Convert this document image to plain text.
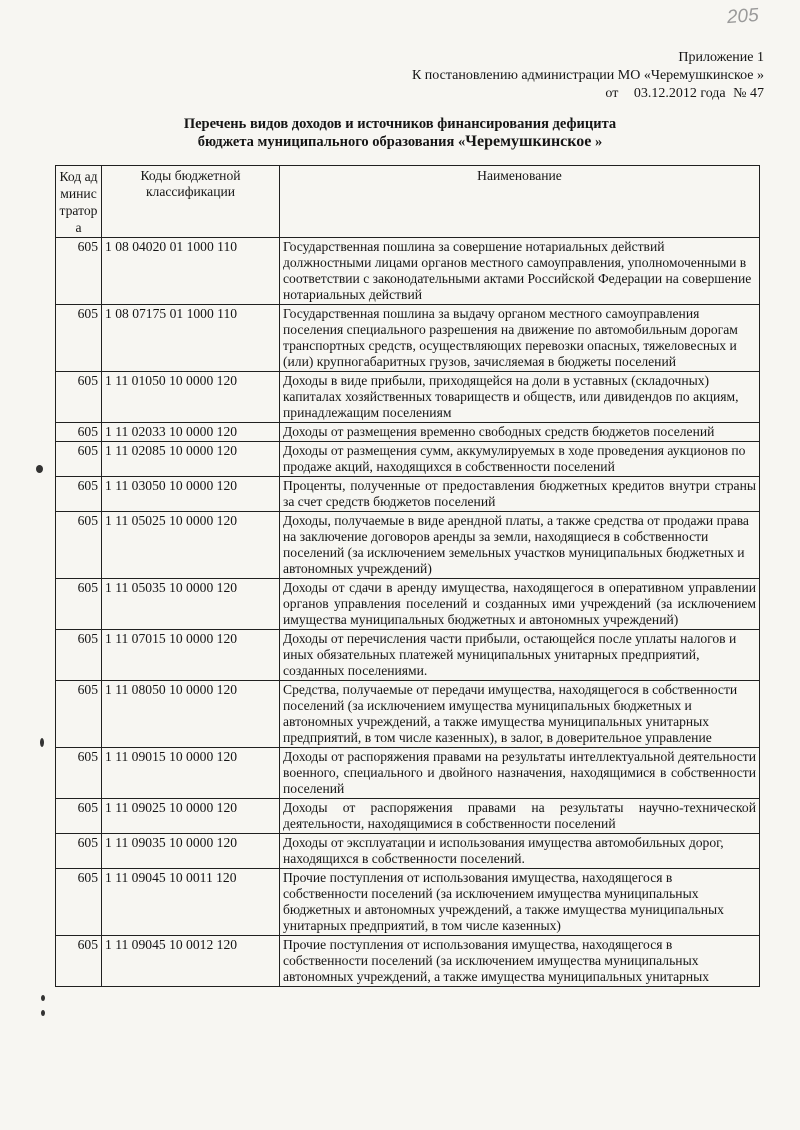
205
Приложение 1
К постановлению администрации МО «Черемушкинское »
от 03.12.2012 года № 47
Перечень видов доходов и источников финансирования дефицита
бюджета муниципального образования «Черемушкинское »
Код администратора	Коды бюджетной классификации	Наименование
605	1 08 04020 01 1000 110	Государственная пошлина за совершение нотариальных действий должностными лицами органов местного самоуправления, уполномоченными в соответствии с законодательными актами Российской Федерации на совершение нотариальных действий
605	1 08 07175 01 1000 110	Государственная пошлина за выдачу органом местного самоуправления поселения специального разрешения на движение по автомобильным дорогам транспортных средств, осуществляющих перевозки опасных, тяжеловесных и (или) крупногабаритных грузов, зачисляемая в бюджеты поселений
605	1 11 01050 10 0000 120	Доходы в виде прибыли, приходящейся на доли в уставных (складочных) капиталах хозяйственных товариществ и обществ, или дивидендов по акциям, принадлежащим поселениям
605	1 11 02033 10 0000 120	Доходы от размещения временно свободных средств бюджетов поселений
605	1 11 02085 10 0000 120	Доходы от размещения сумм, аккумулируемых в ходе проведения аукционов по продаже акций, находящихся в собственности поселений
605	1 11 03050 10 0000 120	Проценты, полученные от предоставления бюджетных кредитов внутри страны за счет средств бюджетов поселений
605	1 11 05025 10 0000 120	Доходы, получаемые в виде арендной платы, а также средства от продажи права на заключение договоров аренды за земли, находящиеся в собственности поселений (за исключением земельных участков муниципальных бюджетных и автономных учреждений)
605	1 11 05035 10 0000 120	Доходы от сдачи в аренду имущества, находящегося в оперативном управлении органов управления поселений и созданных ими учреждений (за исключением имущества муниципальных бюджетных и автономных учреждений)
605	1 11 07015 10 0000 120	Доходы от перечисления части прибыли, остающейся после уплаты налогов и иных обязательных платежей муниципальных унитарных предприятий, созданных поселениями.
605	1 11 08050 10 0000 120	Средства, получаемые от передачи имущества, находящегося в собственности поселений (за исключением имущества муниципальных бюджетных и автономных учреждений, а также имущества муниципальных унитарных предприятий, в том числе казенных), в залог, в доверительное управление
605	1 11 09015 10 0000 120	Доходы от распоряжения правами на результаты интеллектуальной деятельности военного, специального и двойного назначения, находящимися в собственности поселений
605	1 11 09025 10 0000 120	Доходы от распоряжения правами на результаты научно-технической деятельности, находящимися в собственности поселений
605	1 11 09035 10 0000 120	Доходы от эксплуатации и использования имущества автомобильных дорог, находящихся в собственности поселений.
605	1 11 09045 10 0011 120	Прочие поступления от использования имущества, находящегося в собственности поселений (за исключением имущества муниципальных бюджетных и автономных учреждений, а также имущества муниципальных унитарных предприятий, в том числе казенных)
605	1 11 09045 10 0012 120	Прочие поступления от использования имущества, находящегося в собственности поселений (за исключением имущества муниципальных автономных учреждений, а также имущества муниципальных унитарных
